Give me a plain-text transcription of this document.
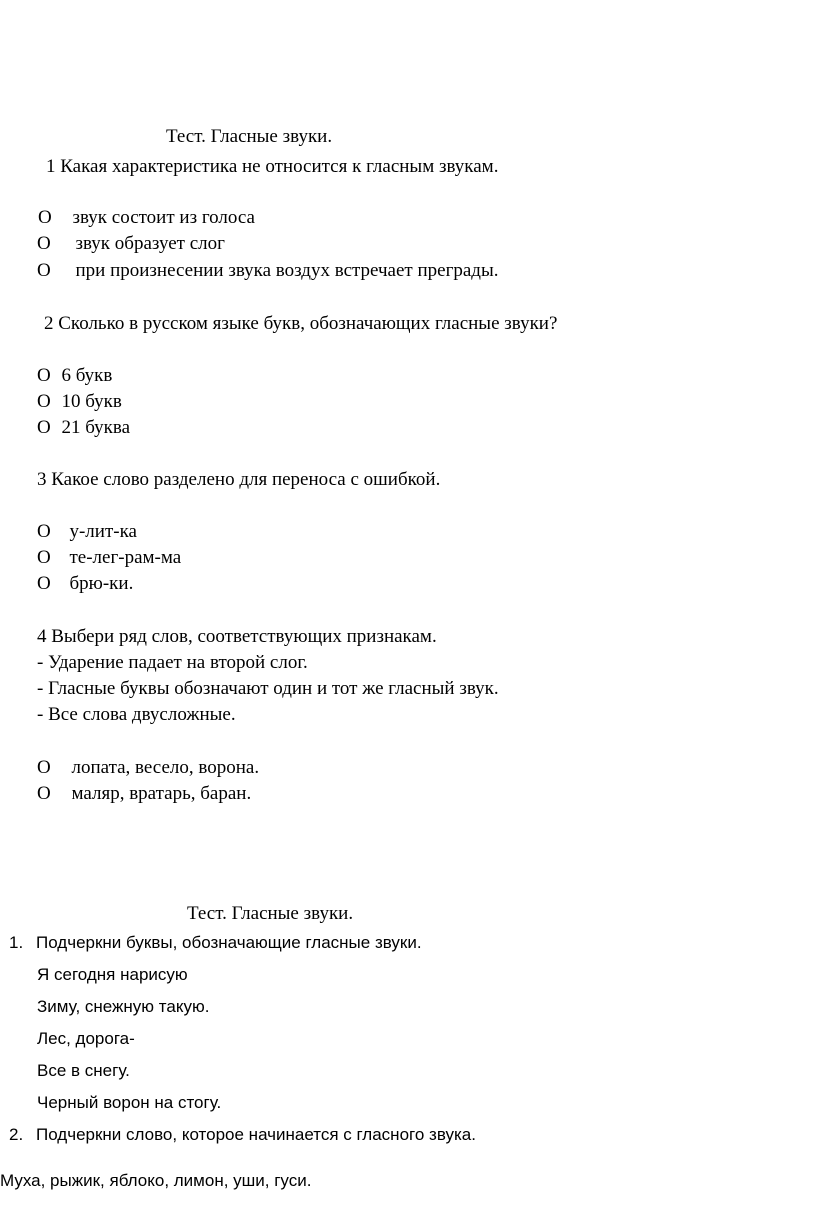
Тест. Гласные звуки.
1 Какая характеристика не относится к гласным звукам.
О звук состоит из голоса
О звук образует слог
О при произнесении звука воздух встречает преграды.
2 Сколько в русском языке букв, обозначающих гласные звуки?
О 6 букв
О 10 букв
О 21 буква
3 Какое слово разделено для переноса с ошибкой.
О у-лит-ка
О те-лег-рам-ма
О брю-ки.
4 Выбери ряд слов, соответствующих признакам.
- Ударение падает на второй слог.
- Гласные буквы обозначают один и тот же гласный звук.
- Все слова двусложные.
О лопата, весело, ворона.
О маляр, вратарь, баран.
Тест. Гласные звуки.
1. Подчеркни буквы, обозначающие гласные звуки.
Я сегодня нарисую
Зиму, снежную такую.
Лес, дорога-
Все в снегу.
Черный ворон на стогу.
2. Подчеркни слово, которое начинается с гласного звука.
Муха, рыжик, яблоко, лимон, уши, гуси.
